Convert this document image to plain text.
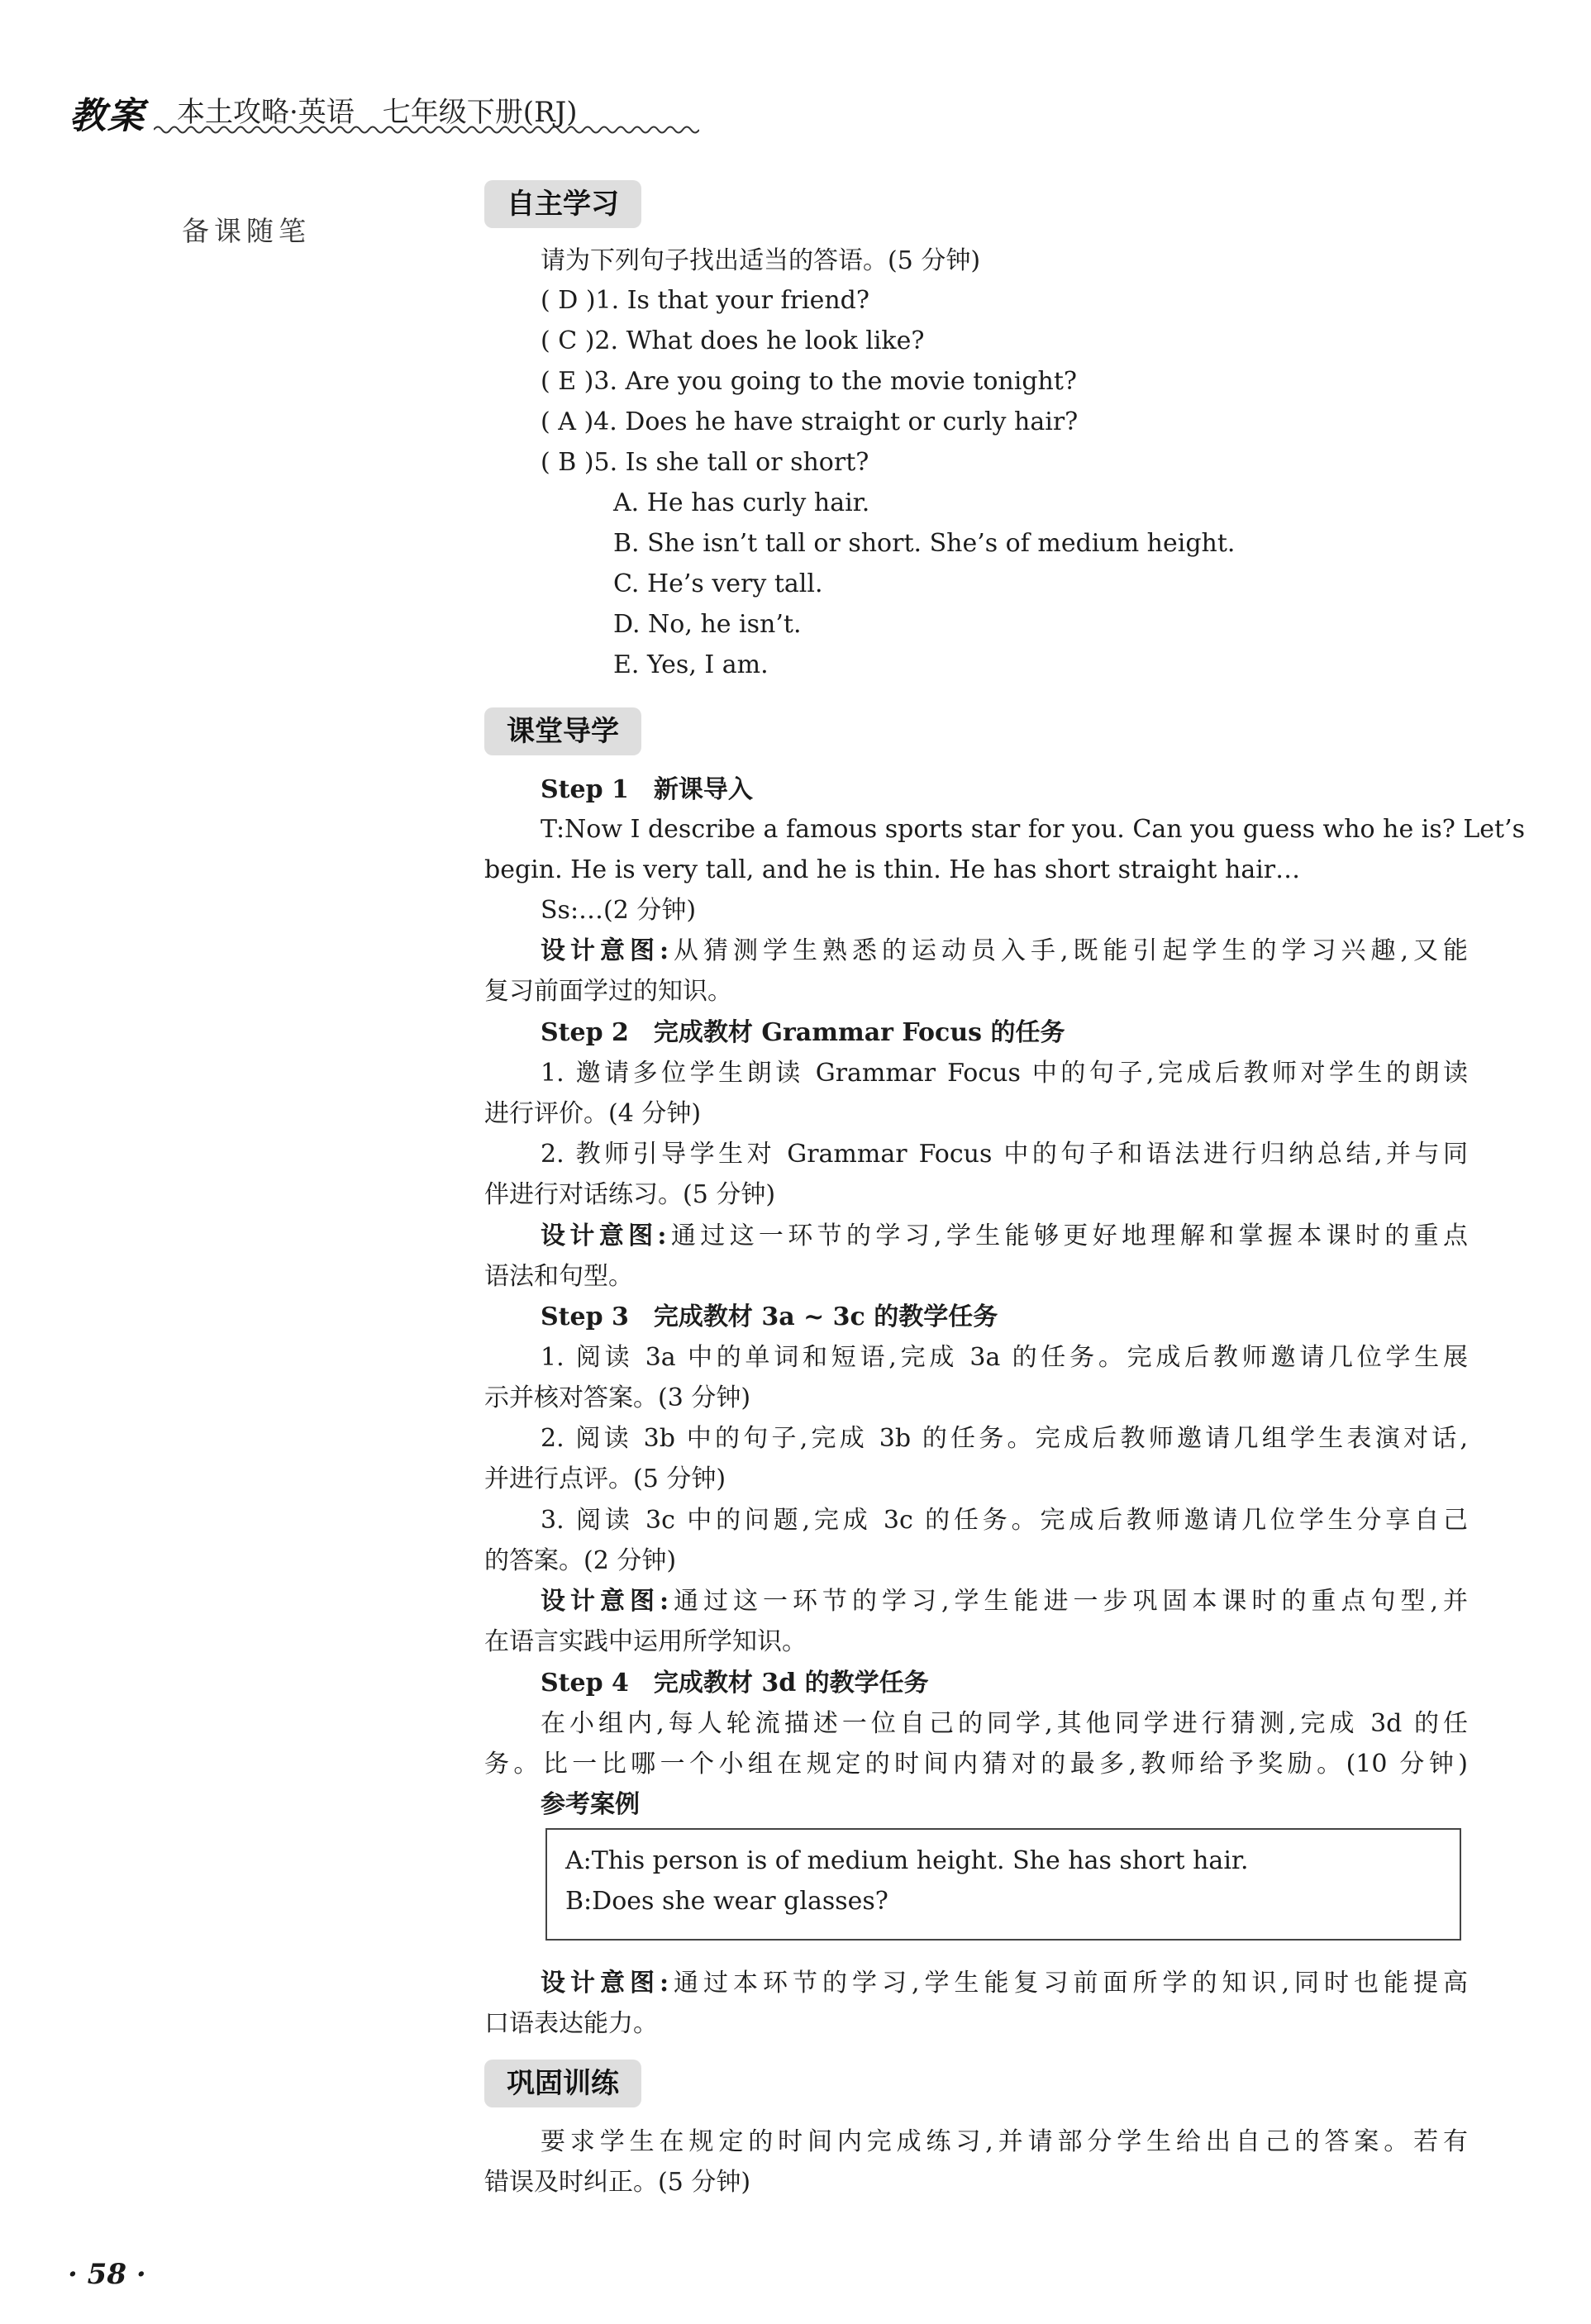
教案 本土攻略·英语　七年级下册(RJ)
备课随笔
自主学习
请为下列句子找出适当的答语。(5 分钟)
( D )1. Is that your friend?
( C )2. What does he look like?
( E )3. Are you going to the movie tonight?
( A )4. Does he have straight or curly hair?
( B )5. Is she tall or short?
A. He has curly hair.
B. She isn’t tall or short. She’s of medium height.
C. He’s very tall.
D. No, he isn’t.
E. Yes, I am.
课堂导学
Step 1　新课导入
T:Now I describe a famous sports star for you. Can you guess who he is? Let’s
begin. He is very tall, and he is thin. He has short straight hair…
Ss:…(2 分钟)
设计意图:从猜测学生熟悉的运动员入手,既能引起学生的学习兴趣,又能
复习前面学过的知识。
Step 2　完成教材 Grammar Focus 的任务
1. 邀请多位学生朗读 Grammar Focus 中的句子,完成后教师对学生的朗读
进行评价。(4 分钟)
2. 教师引导学生对 Grammar Focus 中的句子和语法进行归纳总结,并与同
伴进行对话练习。(5 分钟)
设计意图:通过这一环节的学习,学生能够更好地理解和掌握本课时的重点
语法和句型。
Step 3　完成教材 3a ~ 3c 的教学任务
1. 阅读 3a 中的单词和短语,完成 3a 的任务。完成后教师邀请几位学生展
示并核对答案。(3 分钟)
2. 阅读 3b 中的句子,完成 3b 的任务。完成后教师邀请几组学生表演对话,
并进行点评。(5 分钟)
3. 阅读 3c 中的问题,完成 3c 的任务。完成后教师邀请几位学生分享自己
的答案。(2 分钟)
设计意图:通过这一环节的学习,学生能进一步巩固本课时的重点句型,并
在语言实践中运用所学知识。
Step 4　完成教材 3d 的教学任务
在小组内,每人轮流描述一位自己的同学,其他同学进行猜测,完成 3d 的任
务。比一比哪一个小组在规定的时间内猜对的最多,教师给予奖励。(10 分钟)
参考案例
A:This person is of medium height. She has short hair.
B:Does she wear glasses?
设计意图:通过本环节的学习,学生能复习前面所学的知识,同时也能提高
口语表达能力。
巩固训练
要求学生在规定的时间内完成练习,并请部分学生给出自己的答案。若有
错误及时纠正。(5 分钟)
· 58 ·
